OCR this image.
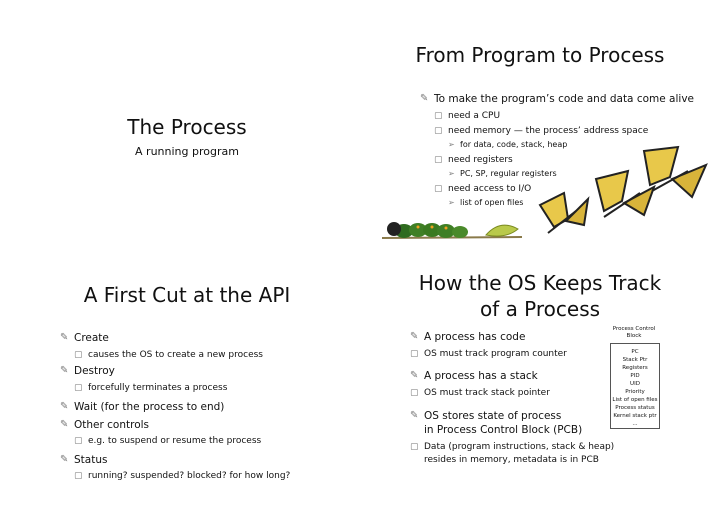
The Process
A running program
From Program to Process
✎ To make the program’s code and data come alive
▢ need a CPU
▢ need memory — the process’ address space
➢ for data, code, stack, heap
▢ need registers
➢ PC, SP, regular registers
▢ need access to I/O
➢ list of open files
A First Cut at the API
✎ Create
▢ causes the OS to create a new process
✎ Destroy
▢ forcefully terminates a process
✎ Wait (for the process to end)
✎ Other controls
▢ e.g. to suspend or resume the process
✎ Status
▢ running? suspended? blocked? for how long?
How the OS Keeps Track
of a Process
✎ A process has code
▢ OS must track program counter
✎ A process has a stack
▢ OS must track stack pointer
✎ OS stores state of process
in Process Control Block (PCB)
▢ Data (program instructions, stack & heap)
resides in memory, metadata is in PCB
Process Control Block
PC
Stack Ptr
Registers
PID
UID
Priority
List of open files
Process status
Kernel stack ptr
...
